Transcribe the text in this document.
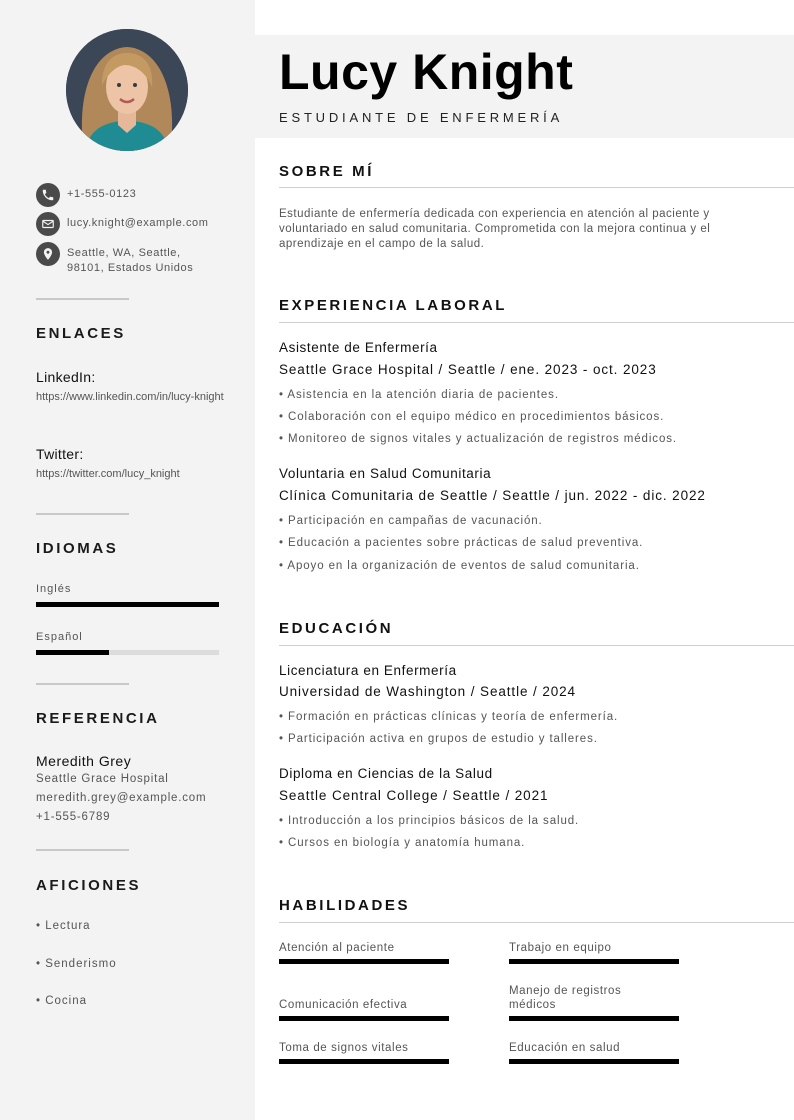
+1-555-0123
lucy.knight@example.com
Seattle, WA, Seattle,
98101, Estados Unidos
ENLACES
LinkedIn:
https://www.linkedin.com/in/lucy-knight
Twitter:
https://twitter.com/lucy_knight
IDIOMAS
Inglés
Español
REFERENCIA
Meredith Grey
Seattle Grace Hospital
meredith.grey@example.com
+1-555-6789
AFICIONES
• Lectura
• Senderismo
• Cocina
Lucy Knight
ESTUDIANTE DE ENFERMERÍA
SOBRE MÍ
Estudiante de enfermería dedicada con experiencia en atención al paciente y voluntariado en salud comunitaria. Comprometida con la mejora continua y el aprendizaje en el campo de la salud.
EXPERIENCIA LABORAL
Asistente de Enfermería
Seattle Grace Hospital / Seattle / ene. 2023 - oct. 2023
• Asistencia en la atención diaria de pacientes.
• Colaboración con el equipo médico en procedimientos básicos.
• Monitoreo de signos vitales y actualización de registros médicos.
Voluntaria en Salud Comunitaria
Clínica Comunitaria de Seattle / Seattle / jun. 2022 - dic. 2022
• Participación en campañas de vacunación.
• Educación a pacientes sobre prácticas de salud preventiva.
• Apoyo en la organización de eventos de salud comunitaria.
EDUCACIÓN
Licenciatura en Enfermería
Universidad de Washington / Seattle / 2024
• Formación en prácticas clínicas y teoría de enfermería.
• Participación activa en grupos de estudio y talleres.
Diploma en Ciencias de la Salud
Seattle Central College / Seattle / 2021
• Introducción a los principios básicos de la salud.
• Cursos en biología y anatomía humana.
HABILIDADES
Atención al paciente	Trabajo en equipo
Comunicación efectiva
Manejo de registros médicos
Toma de signos vitales	Educación en salud
